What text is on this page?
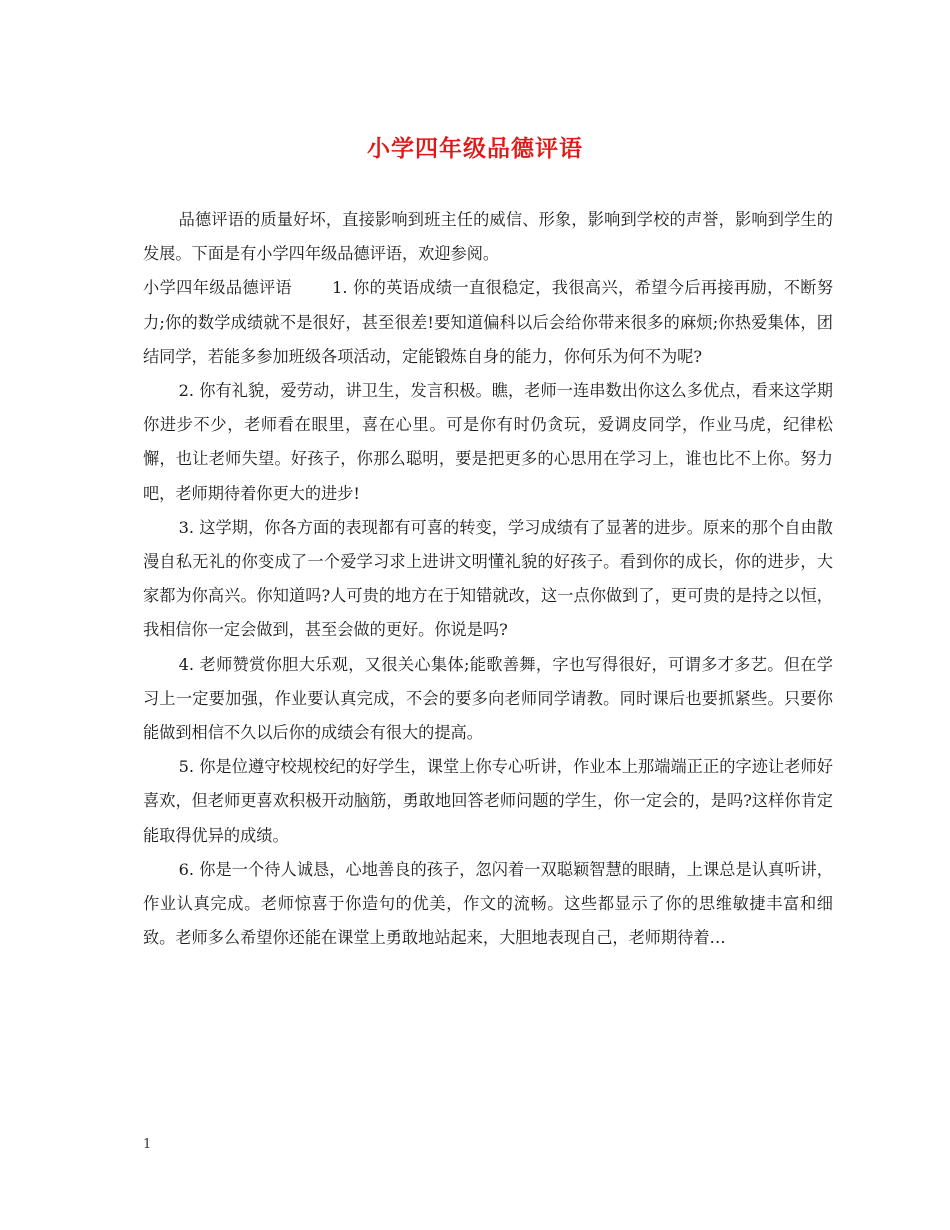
小学四年级品德评语

品德评语的质量好坏，直接影响到班主任的威信、形象，影响到学校的声誉，影响到学生的发展。下面是有小学四年级品德评语，欢迎参阅。

小学四年级品德评语 1. 你的英语成绩一直很稳定，我很高兴，希望今后再接再励，不断努力;你的数学成绩就不是很好，甚至很差!要知道偏科以后会给你带来很多的麻烦;你热爱集体，团结同学，若能多参加班级各项活动，定能锻炼自身的能力，你何乐为何不为呢?

2. 你有礼貌，爱劳动，讲卫生，发言积极。瞧，老师一连串数出你这么多优点，看来这学期你进步不少，老师看在眼里，喜在心里。可是你有时仍贪玩，爱调皮同学，作业马虎，纪律松懈，也让老师失望。好孩子，你那么聪明，要是把更多的心思用在学习上，谁也比不上你。努力吧，老师期待着你更大的进步!

3. 这学期，你各方面的表现都有可喜的转变，学习成绩有了显著的进步。原来的那个自由散漫自私无礼的你变成了一个爱学习求上进讲文明懂礼貌的好孩子。看到你的成长，你的进步，大家都为你高兴。你知道吗?人可贵的地方在于知错就改，这一点你做到了，更可贵的是持之以恒，我相信你一定会做到，甚至会做的更好。你说是吗?

4. 老师赞赏你胆大乐观，又很关心集体;能歌善舞，字也写得很好，可谓多才多艺。但在学习上一定要加强，作业要认真完成，不会的要多向老师同学请教。同时课后也要抓紧些。只要你能做到相信不久以后你的成绩会有很大的提高。

5. 你是位遵守校规校纪的好学生，课堂上你专心听讲，作业本上那端端正正的字迹让老师好喜欢，但老师更喜欢积极开动脑筋，勇敢地回答老师问题的学生，你一定会的，是吗?这样你肯定能取得优异的成绩。

6. 你是一个待人诚恳，心地善良的孩子，忽闪着一双聪颖智慧的眼睛，上课总是认真听讲，作业认真完成。老师惊喜于你造句的优美，作文的流畅。这些都显示了你的思维敏捷丰富和细致。老师多么希望你还能在课堂上勇敢地站起来，大胆地表现自己，老师期待着…

1
